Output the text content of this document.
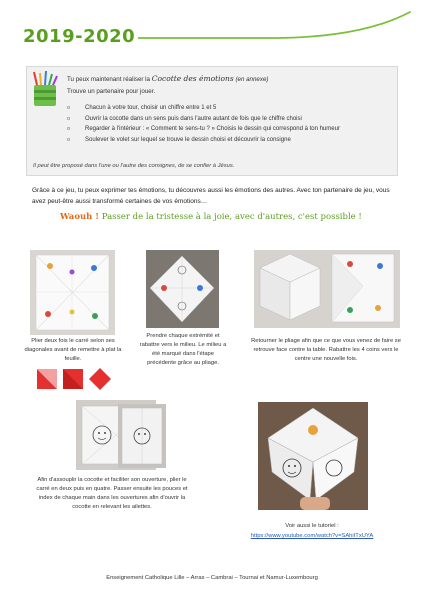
2019-2020
Tu peux maintenant réaliser la Cocotte des émotions (en annexe)
Trouve un partenaire pour jouer.
o Chacun à votre tour, choisir un chiffre entre 1 et 5
o Ouvrir la cocotte dans un sens puis dans l'autre autant de fois que le chiffre choisi
o Regarder à l'intérieur : « Comment te sens-tu ? » Choisis le dessin qui correspond à ton humeur
o Soulever le volet sur lequel se trouve le dessin choisi et découvrir la consigne
Il peut être proposé dans l'une ou l'autre des consignes, de se confier à Jésus.
Grâce à ce jeu, tu peux exprimer tes émotions, tu découvres aussi les émotions des autres. Avec ton partenaire de jeu, vous avez peut-être aussi transformé certaines de vos émotions…
Waouh ! Passer de la tristesse à la joie, avec d'autres, c'est possible !
Plier deux fois le carré selon ses diagonales avant de remettre à plat la feuille.
Prendre chaque extrémité et rabattre vers le milieu. Le milieu a été marqué dans l'étape précédente grâce au pliage.
Retourner le pliage afin que ce que vous venez de faire se retrouve face contre la table. Rabattre les 4 coins vers le centre une nouvelle fois.
Afin d'assouplir la cocotte et faciliter son ouverture, plier le carré en deux puis en quatre. Passer ensuite les pouces et index de chaque main dans les ouvertures afin d'ouvrir la cocotte en relevant les ailettes.
Voir aussi le tutoriel :
https://www.youtube.com/watch?v=SAhiITxUYA
Enseignement Catholique Lille – Arras – Cambrai – Tournai et Namur-Luxembourg
